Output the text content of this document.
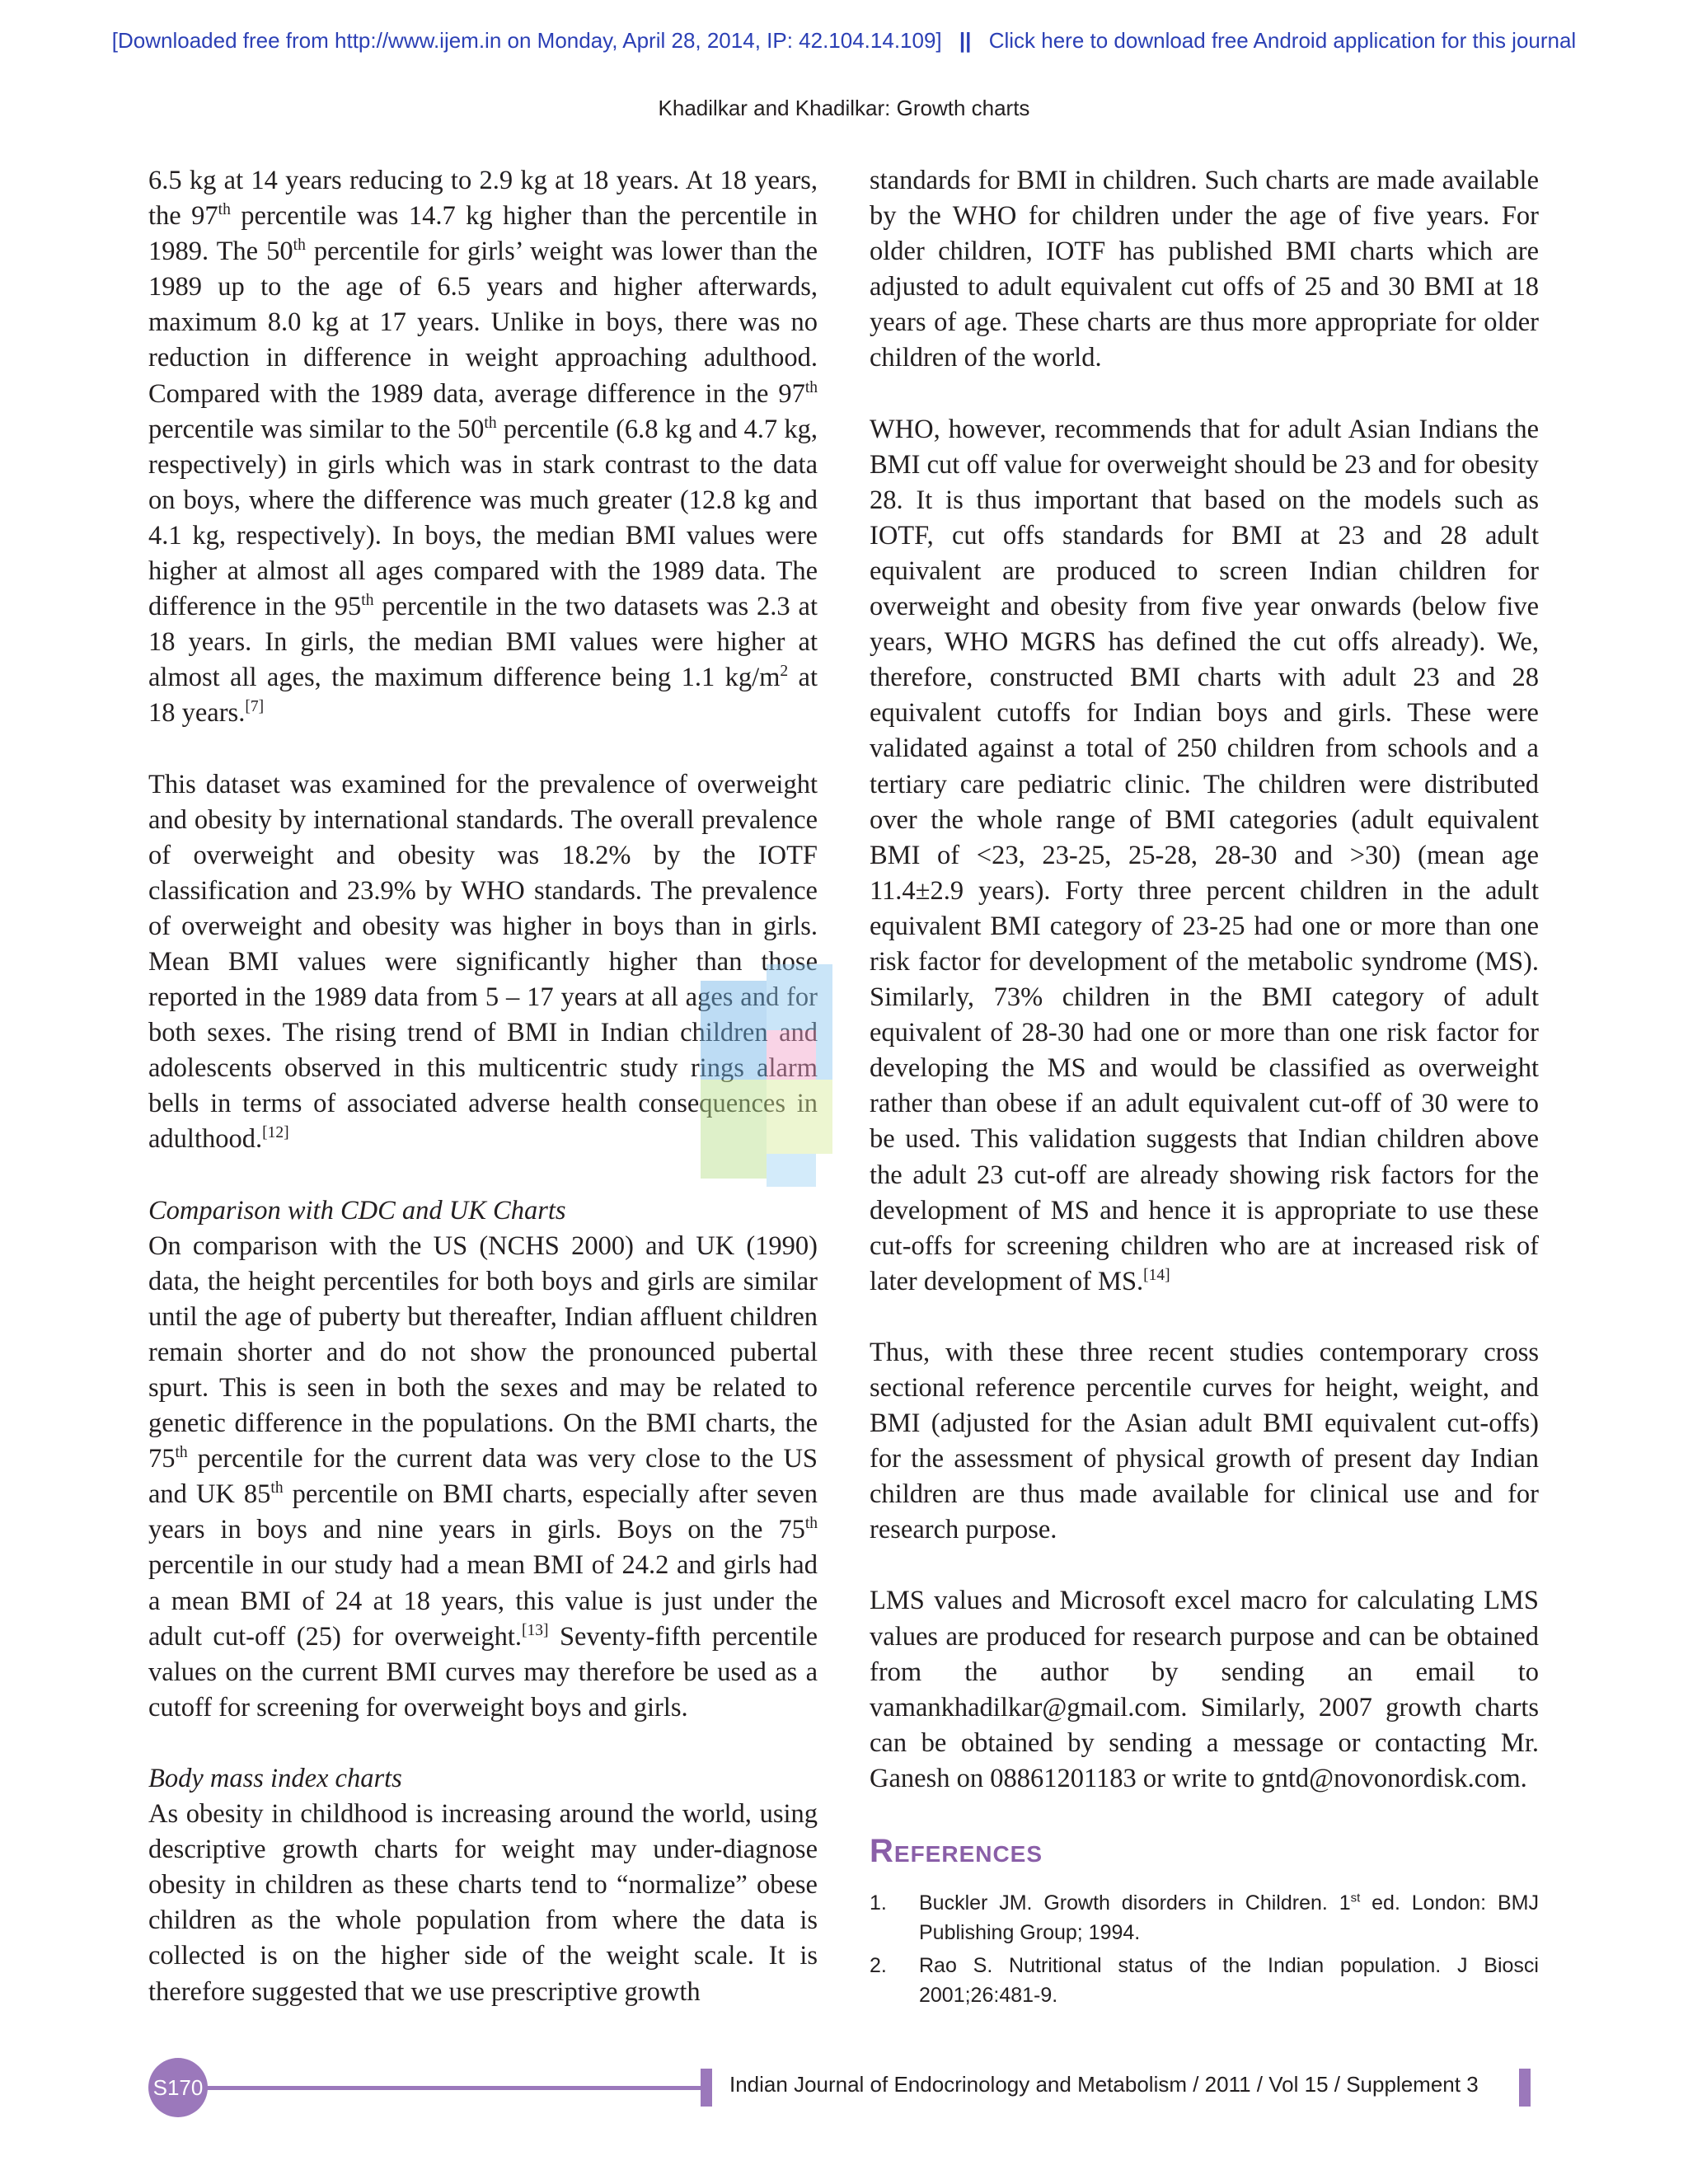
[Downloaded free from http://www.ijem.in on Monday, April 28, 2014, IP: 42.104.14.109] || Click here to download free Android application for this journal
Khadilkar and Khadilkar: Growth charts

6.5 kg at 14 years reducing to 2.9 kg at 18 years. At 18 years, the 97th percentile was 14.7 kg higher than the percentile in 1989. The 50th percentile for girls’ weight was lower than the 1989 up to the age of 6.5 years and higher afterwards, maximum 8.0 kg at 17 years. Unlike in boys, there was no reduction in difference in weight approaching adulthood. Compared with the 1989 data, average difference in the 97th percentile was similar to the 50th percentile (6.8 kg and 4.7 kg, respectively) in girls which was in stark contrast to the data on boys, where the difference was much greater (12.8 kg and 4.1 kg, respectively). In boys, the median BMI values were higher at almost all ages compared with the 1989 data. The difference in the 95th percentile in the two datasets was 2.3 at 18 years. In girls, the median BMI values were higher at almost all ages, the maximum difference being 1.1 $kg/m^2$ at 18 years.[7]

This dataset was examined for the prevalence of overweight and obesity by international standards. The overall prevalence of overweight and obesity was 18.2% by the IOTF classification and 23.9% by WHO standards. The prevalence of overweight and obesity was higher in boys than in girls. Mean BMI values were significantly higher than those reported in the 1989 data from 5 – 17 years at all ages and for both sexes. The rising trend of BMI in Indian children and adolescents observed in this multicentric study rings alarm bells in terms of associated adverse health consequences in adulthood.[12]

Comparison with CDC and UK Charts

On comparison with the US (NCHS 2000) and UK (1990) data, the height percentiles for both boys and girls are similar until the age of puberty but thereafter, Indian affluent children remain shorter and do not show the pronounced pubertal spurt. This is seen in both the sexes and may be related to genetic difference in the populations. On the BMI charts, the 75th percentile for the current data was very close to the US and UK 85th percentile on BMI charts, especially after seven years in boys and nine years in girls. Boys on the 75th percentile in our study had a mean BMI of 24.2 and girls had a mean BMI of 24 at 18 years, this value is just under the adult cut-off (25) for overweight.[13] Seventy-fifth percentile values on the current BMI curves may therefore be used as a cutoff for screening for overweight boys and girls.

Body mass index charts

As obesity in childhood is increasing around the world, using descriptive growth charts for weight may under-diagnose obesity in children as these charts tend to “normalize” obese children as the whole population from where the data is collected is on the higher side of the weight scale. It is therefore suggested that we use prescriptive growth

standards for BMI in children. Such charts are made available by the WHO for children under the age of five years. For older children, IOTF has published BMI charts which are adjusted to adult equivalent cut offs of 25 and 30 BMI at 18 years of age. These charts are thus more appropriate for older children of the world.

WHO, however, recommends that for adult Asian Indians the BMI cut off value for overweight should be 23 and for obesity 28. It is thus important that based on the models such as IOTF, cut offs standards for BMI at 23 and 28 adult equivalent are produced to screen Indian children for overweight and obesity from five year onwards (below five years, WHO MGRS has defined the cut offs already). We, therefore, constructed BMI charts with adult 23 and 28 equivalent cutoffs for Indian boys and girls. These were validated against a total of 250 children from schools and a tertiary care pediatric clinic. The children were distributed over the whole range of BMI categories (adult equivalent BMI of <23, 23-25, 25-28, 28-30 and >30) (mean age 11.4±2.9 years). Forty three percent children in the adult equivalent BMI category of 23-25 had one or more than one risk factor for development of the metabolic syndrome (MS). Similarly, 73% children in the BMI category of adult equivalent of 28-30 had one or more than one risk factor for developing the MS and would be classified as overweight rather than obese if an adult equivalent cut-off of 30 were to be used. This validation suggests that Indian children above the adult 23 cut-off are already showing risk factors for the development of MS and hence it is appropriate to use these cut-offs for screening children who are at increased risk of later development of MS.[14]

Thus, with these three recent studies contemporary cross sectional reference percentile curves for height, weight, and BMI (adjusted for the Asian adult BMI equivalent cut-offs) for the assessment of physical growth of present day Indian children are thus made available for clinical use and for research purpose.

LMS values and Microsoft excel macro for calculating LMS values are produced for research purpose and can be obtained from the author by sending an email to vamankhadilkar@gmail.com. Similarly, 2007 growth charts can be obtained by sending a message or contacting Mr. Ganesh on 08861201183 or write to gntd@novonordisk.com.

References
1.	Buckler JM. Growth disorders in Children. 1st ed. London: BMJ Publishing Group; 1994.
2.	Rao S. Nutritional status of the Indian population. J Biosci 2001;26:481-9.
S170	Indian Journal of Endocrinology and Metabolism / 2011 / Vol 15 / Supplement 3
